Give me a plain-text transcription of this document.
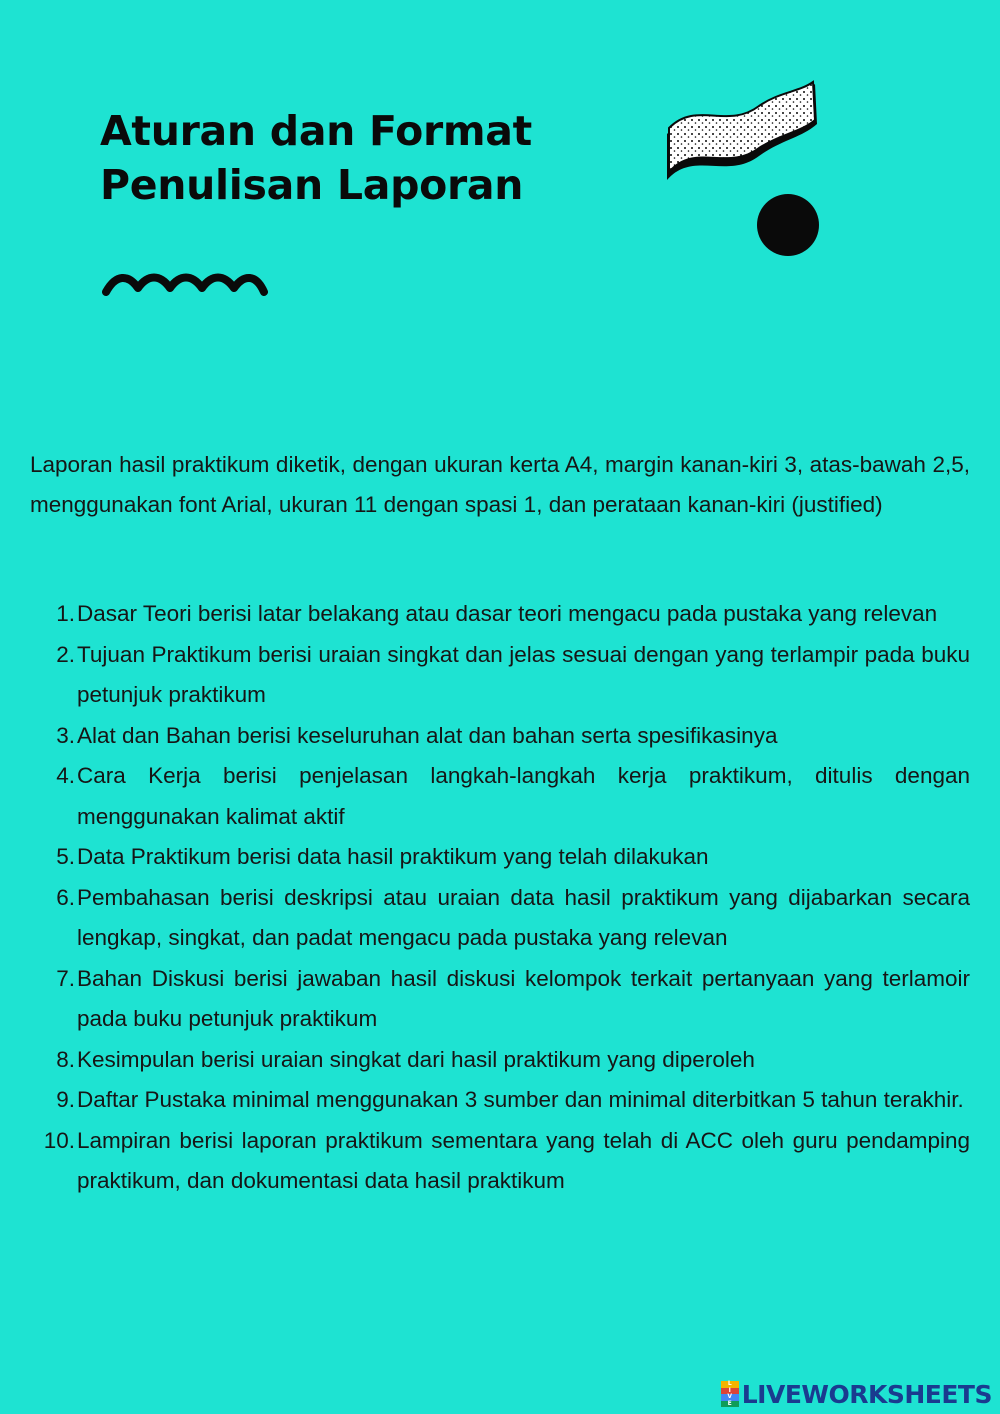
Aturan dan Format
Penulisan Laporan

Laporan hasil praktikum diketik, dengan ukuran kerta A4, margin kanan-kiri 3, atas-bawah 2,5, menggunakan font Arial, ukuran 11 dengan spasi 1, dan perataan kanan-kiri (justified)

1. Dasar Teori berisi latar belakang atau dasar teori mengacu pada pustaka yang relevan
2. Tujuan Praktikum berisi uraian singkat dan jelas sesuai dengan yang terlampir pada buku petunjuk praktikum
3. Alat dan Bahan berisi keseluruhan alat dan bahan serta spesifikasinya
4. Cara Kerja berisi penjelasan langkah-langkah kerja praktikum, ditulis dengan menggunakan kalimat aktif
5. Data Praktikum berisi data hasil praktikum yang telah dilakukan
6. Pembahasan berisi deskripsi atau uraian data hasil praktikum yang dijabarkan secara lengkap, singkat, dan padat mengacu pada pustaka yang relevan
7. Bahan Diskusi berisi jawaban hasil diskusi kelompok terkait pertanyaan yang terlamoir pada buku petunjuk praktikum
8. Kesimpulan berisi uraian singkat dari hasil praktikum yang diperoleh
9. Daftar Pustaka minimal menggunakan 3 sumber dan minimal diterbitkan 5 tahun terakhir.
10. Lampiran berisi laporan praktikum sementara yang telah di ACC oleh guru pendamping praktikum, dan dokumentasi data hasil praktikum
L
I
V
E LIVEWORKSHEETS
